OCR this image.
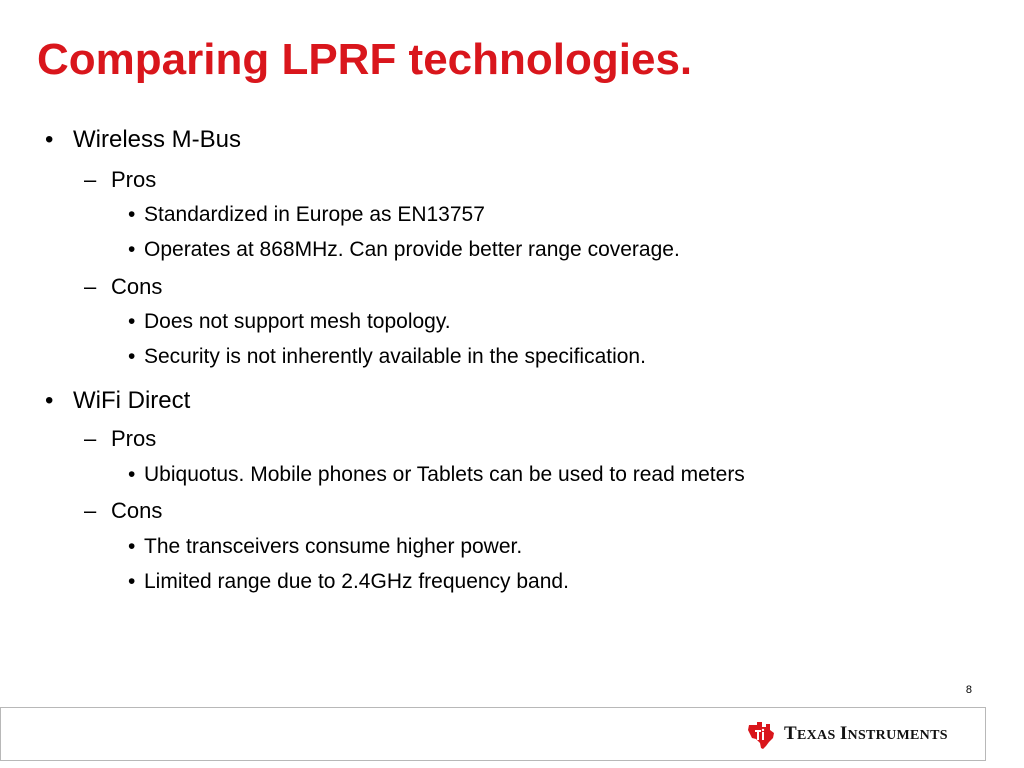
Comparing LPRF technologies.
• Wireless M-Bus
– Pros
• Standardized in Europe as EN13757
• Operates at 868MHz. Can provide better range coverage.
– Cons
• Does not support mesh topology.
• Security is not inherently available in the specification.
• WiFi Direct
– Pros
• Ubiquotus. Mobile phones or Tablets can be used to read meters
– Cons
• The transceivers consume higher power.
• Limited range due to 2.4GHz frequency band.
8
TEXAS INSTRUMENTS
